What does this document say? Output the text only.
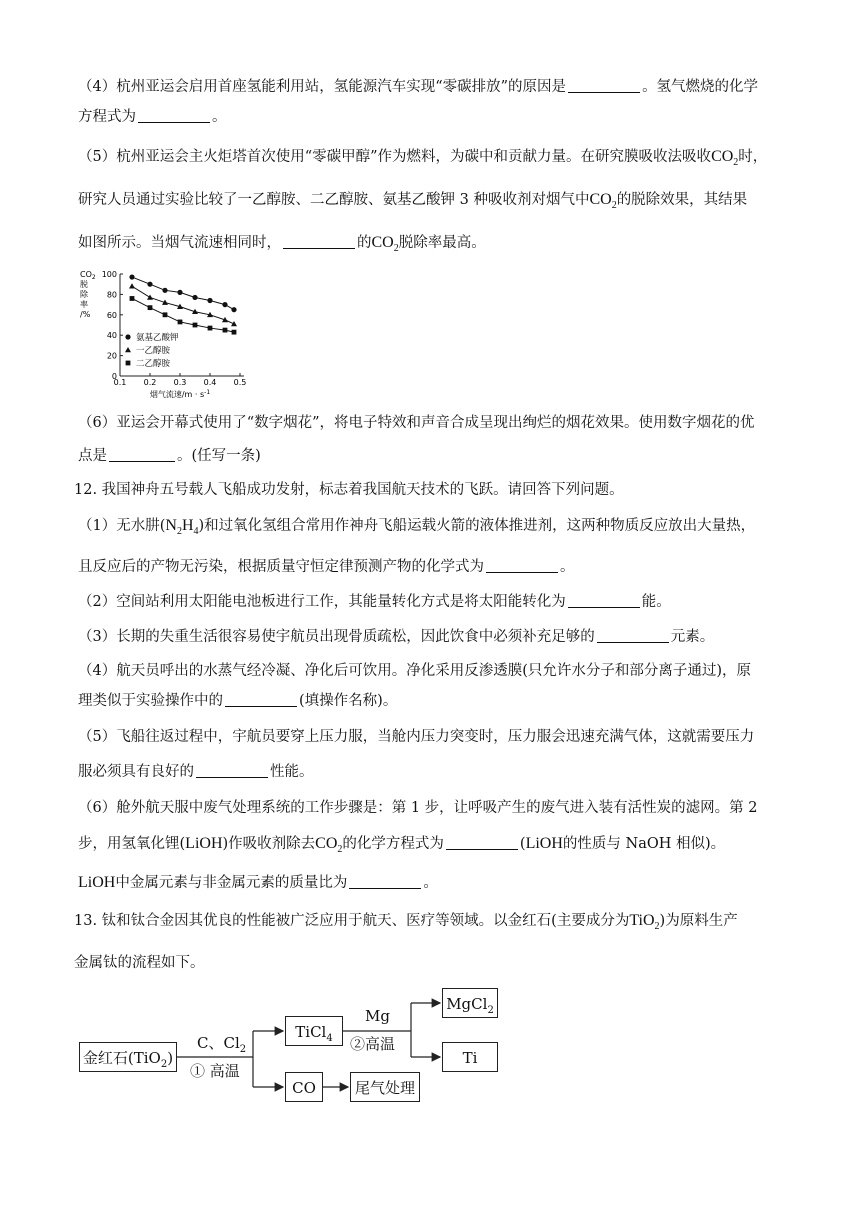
（4）杭州亚运会启用首座氢能利用站，氢能源汽车实现“零碳排放”的原因是	。氢气燃烧的化学
方程式为	。
（5）杭州亚运会主火炬塔首次使用“零碳甲醇”作为燃料，为碳中和贡献力量。在研究膜吸收法吸收$CO_2$时，
研究人员通过实验比较了一乙醇胺、二乙醇胺、氨基乙酸钾 3 种吸收剂对烟气中$CO_2$的脱除效果，其结果
如图所示。当烟气流速相同时，	的$CO_2$脱除率最高。
0
20
40
60
80
100
0.1 0.2 0.3 0.4 0.5
$CO_2$
脱
除
率
/%
烟气流速$/m \cdot s^{-1}$
氨基乙酸钾
一乙醇胺
二乙醇胺
（6）亚运会开幕式使用了“数字烟花”，将电子特效和声音合成呈现出绚烂的烟花效果。使用数字烟花的优
点是	。(任写一条)
12. 我国神舟五号载人飞船成功发射，标志着我国航天技术的飞跃。请回答下列问题。
（1）无水肼$(N_2H_4)$和过氧化氢组合常用作神舟飞船运载火箭的液体推进剂，这两种物质反应放出大量热，
且反应后的产物无污染，根据质量守恒定律预测产物的化学式为	。
（2）空间站利用太阳能电池板进行工作，其能量转化方式是将太阳能转化为	能。
（3）长期的失重生活很容易使宇航员出现骨质疏松，因此饮食中必须补充足够的	元素。
（4）航天员呼出的水蒸气经冷凝、净化后可饮用。净化采用反渗透膜(只允许水分子和部分离子通过)，原
理类似于实验操作中的	(填操作名称)。
（5）飞船往返过程中，宇航员要穿上压力服，当舱内压力突变时，压力服会迅速充满气体，这就需要压力
服必须具有良好的	性能。
（6）舱外航天服中废气处理系统的工作步骤是：第 1 步，让呼吸产生的废气进入装有活性炭的滤网。第 2
步，用氢氧化锂(LiOH)作吸收剂除去$CO_2$的化学方程式为	(LiOH的性质与 NaOH 相似)。
LiOH中金属元素与非金属元素的质量比为	。
13. 钛和钛合金因其优良的性能被广泛应用于航天、医疗等领域。以金红石(主要成分为TiO$_2$)为原料生产
金属钛的流程如下。
金红石(TiO$_2$)
C、$Cl_2$
① 高温
TiCl$_4$
Mg
②高温
MgCl$_2$
Ti
CO	尾气处理
